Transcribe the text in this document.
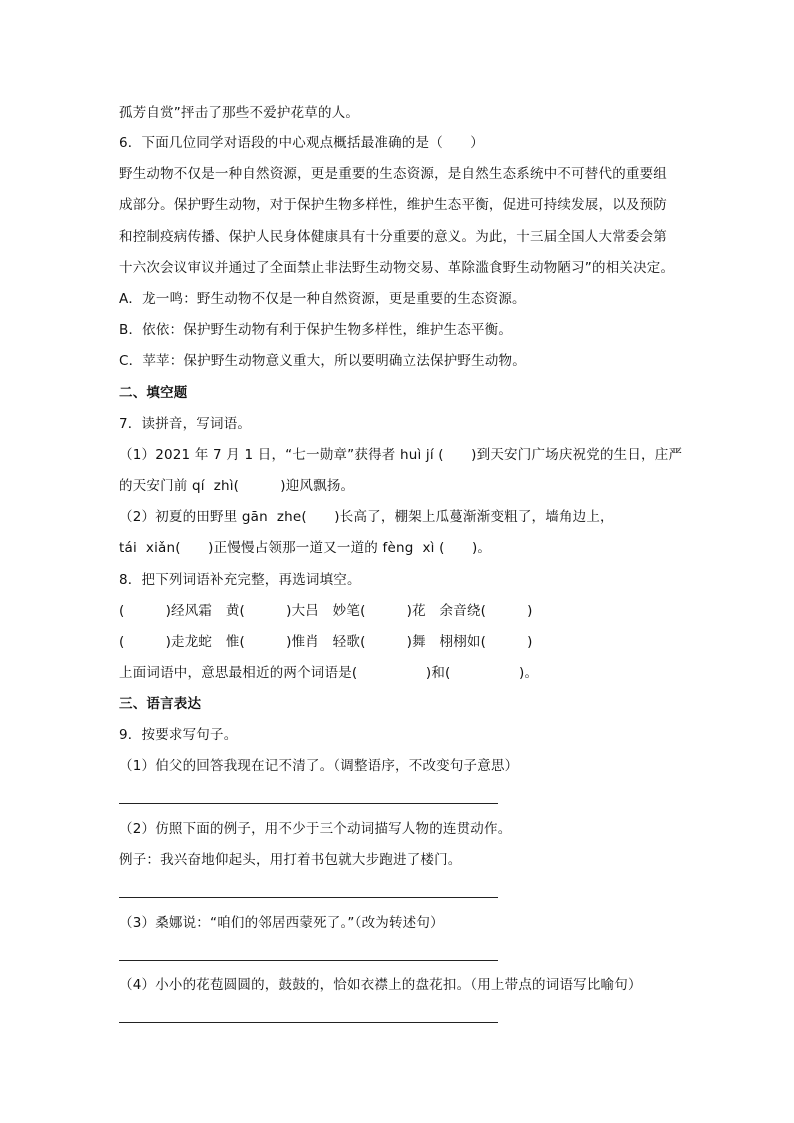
孤芳自赏”抨击了那些不爱护花草的人。
6．下面几位同学对语段的中心观点概括最准确的是（　　）
野生动物不仅是一种自然资源，更是重要的生态资源，是自然生态系统中不可替代的重要组
成部分。保护野生动物，对于保护生物多样性，维护生态平衡，促进可持续发展，以及预防
和控制疫病传播、保护人民身体健康具有十分重要的意义。为此，十三届全国人大常委会第
十六次会议审议并通过了全面禁止非法野生动物交易、革除滥食野生动物陋习”的相关决定。
A．龙一鸣：野生动物不仅是一种自然资源，更是重要的生态资源。
B．依依：保护野生动物有利于保护生物多样性，维护生态平衡。
C．苹苹：保护野生动物意义重大，所以要明确立法保护野生动物。
二、填空题
7．读拼音，写词语。
（1）2021 年 7 月 1 日，“七一勋章”获得者 huì jí (　　)到天安门广场庆祝党的生日，庄严
的天安门前 qí  zhì(　　　)迎风飘扬。
（2）初夏的田野里 gān  zhe(　　)长高了，棚架上瓜蔓渐渐变粗了，墙角边上，
tái  xiǎn(　　)正慢慢占领那一道又一道的 fèng  xì (　　)。
8．把下列词语补充完整，再选词填空。
(　　　)经风霜　黄(　　　)大吕　妙笔(　　　)花　余音绕(　　　)
(　　　)走龙蛇　惟(　　　)惟肖　轻歌(　　　)舞　栩栩如(　　　)
上面词语中，意思最相近的两个词语是(　　　　　)和(　　　　　)。
三、语言表达
9．按要求写句子。
（1）伯父的回答我现在记不清了。（调整语序，不改变句子意思）
（2）仿照下面的例子，用不少于三个动词描写人物的连贯动作。
例子：我兴奋地仰起头，用打着书包就大步跑进了楼门。
（3）桑娜说：“咱们的邻居西蒙死了。”（改为转述句）
（4）小小的花苞圆圆的，鼓鼓的，恰如衣襟上的盘花扣。（用上带点的词语写比喻句）
